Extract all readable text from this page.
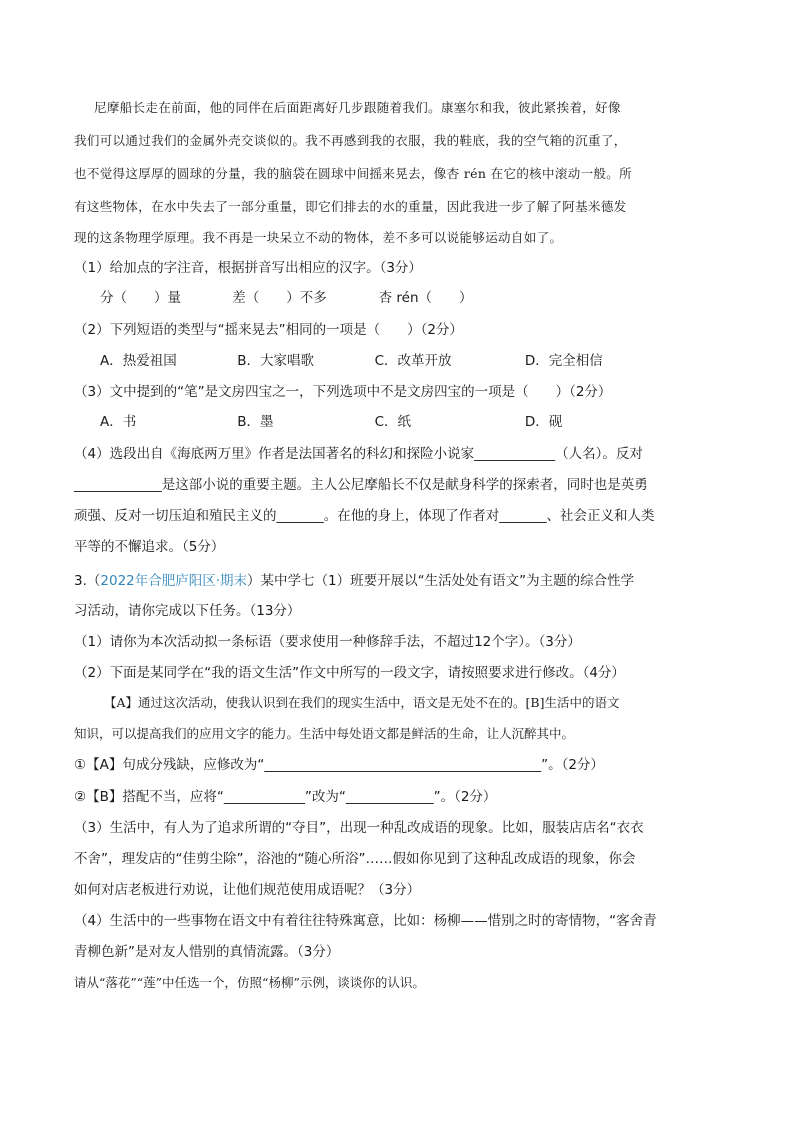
尼摩船长走在前面，他的同伴在后面距离好几步跟随着我们。康塞尔和我，彼此紧挨着，好像
我们可以通过我们的金属外壳交谈似的。我不再感到我的衣服，我的鞋底，我的空气箱的沉重了，
也不觉得这厚厚的圆球的分量，我的脑袋在圆球中间摇来晃去，像杏 rén 在它的核中滚动一般。所
有这些物体，在水中失去了一部分重量，即它们排去的水的重量，因此我进一步了解了阿基米德发
现的这条物理学原理。我不再是一块呆立不动的物体，差不多可以说能够运动自如了。
（1）给加点的字注音，根据拼音写出相应的汉字。（3分）
分（　　）量	差（　　）不多	杏 rén（　　）
（2）下列短语的类型与“摇来晃去”相同的一项是（　　）（2分）
A．热爱祖国	B．大家唱歌	C．改革开放	D．完全相信
（3）文中提到的“笔”是文房四宝之一，下列选项中不是文房四宝的一项是（　　）（2分）
A．书	B．墨	C．纸	D．砚
（4）选段出自《海底两万里》作者是法国著名的科幻和探险小说家____________（人名）。反对
_____________是这部小说的重要主题。主人公尼摩船长不仅是献身科学的探索者，同时也是英勇
顽强、反对一切压迫和殖民主义的_______。在他的身上，体现了作者对_______、社会正义和人类
平等的不懈追求。（5分）
3.（2022年合肥庐阳区·期末）某中学七（1）班要开展以“生活处处有语文”为主题的综合性学
习活动，请你完成以下任务。（13分）
（1）请你为本次活动拟一条标语（要求使用一种修辞手法，不超过12个字）。（3分）
（2）下面是某同学在“我的语文生活”作文中所写的一段文字，请按照要求进行修改。（4分）
【A】通过这次活动，使我认识到在我们的现实生活中，语文是无处不在的。[B]生活中的语文
知识，可以提高我们的应用文字的能力。生活中每处语文都是鲜活的生命，让人沉醉其中。
①【A】句成分残缺，应修改为“_________________________________________”。（2分）
②【B】搭配不当，应将“____________”改为“_____________”。（2分）
（3）生活中，有人为了追求所谓的“夺目”，出现一种乱改成语的现象。比如，服装店店名“衣衣
不舍”，理发店的“佳剪尘除”，浴池的“随心所浴”……假如你见到了这种乱改成语的现象，你会
如何对店老板进行劝说，让他们规范使用成语呢？（3分）
（4）生活中的一些事物在语文中有着往往特殊寓意，比如：杨柳——惜别之时的寄情物，“客舍青
青柳色新”是对友人惜别的真情流露。（3分）
请从“落花”“莲”中任选一个，仿照“杨柳”示例，谈谈你的认识。
